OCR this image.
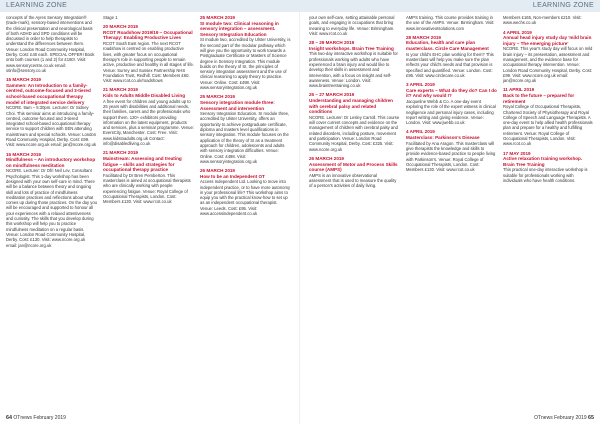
LEARNING ZONE	LEARNING ZONE

concepts of the Ayres Sensory Integration® (trade-mark), sensory-based interventions and the clinical presentation and neurological basis of both ADHD and SPD conditions will be discussed in order to help therapists to understand the differences between them. Venue: London Road Community Hospital, Derby. Cost: £40 each. SPECIAL OFFER! Book onto both courses (1 and 2) for £180!. Visit: www.sensorycentre.co.uk email: otinfo@sensory.co.uk

15 MARCH 2019
Sammen: An Introduction to a family-centred, outcome-focused and 3-tiered school-based occupational therapy model of integrated service delivery

NCORE. 9am – 5:30pm. Lecturer: Dr Sidney Choi. This seminar aims at introducing a family-centred, outcome-focused and 3-tiered integrated school-based occupational therapy service to support children with SEN attending mainstream and special schools. Venue: London Road Community Hospital, Derby. Cost: £99. Visit: www.ncore.org.uk email: jan@ncore.org.uk

15 MARCH 2019
Mindfulness – An introductory workshop on mindfulness meditation

NCORE. Lecturer: Dr Ofri Neil Lev, Consultant Psychologist. This 1-day workshop has been designed with your own self-care in mind. There will be a balance between theory and ongoing skill and lots of practice of mindfulness meditation practices and reflections about what comes up during those practices. On the day you will be encouraged and supported to honour all your experiences with a relaxed attentiveness and curiosity. The skills that you develop during this workshop will help you to practice mindfulness meditation on a regular basis. Venue: London Road Community Hospital, Derby. Cost: £130. Visit: www.ncore.org.uk email: jan@ncore.org.uk

Stage 1

20 MARCH 2019
RCOT Roadshow 2019/19 – Occupational Therapy: Enabling Productive Lives

RCOT South East region. The next RCOT roadshow is centred on enabling productive lives, with greater focus on occupational therapy's role in supporting people to remain active, productive and healthy in all stages of life. Venue: Surrey and Sussex Partnership NHS Foundation Trust, Redhill. Cost: Members £60. Visit: www.rcot.co.uk/roadshows

21 MARCH 2019
Kids to Adults Middle Disabled Living

A free event for children and young adults up to 25 years with disabilities and additional needs, their families, carers and the professionals who support them. 120+ exhibitors providing information on the latest equipment, products and services, plus a seminar programme. Venue: EventCity, Manchester. Cost: Free. Visit: www.kidstoadults.org.uk Contact: info@disabledliving.co.uk

21 MARCH 2019
Mainstream: Assessing and treating fatigue – skills and strategies for occupational therapy practice

Facilitated by Dr Bren Pemberton. This masterclass is aimed at occupational therapists who are clinically working with people experiencing fatigue. Venue: Royal College of Occupational Therapists, London. Cost: Members £130. Visit: www.rcot.co.uk

25 MARCH 2019
SI module two: Clinical reasoning in sensory integration – assessment. Sensory Integration Education

SI module two, accredited by Ulster University, is the second part of the modular pathway which will give you the opportunity to work towards a Postgraduate Certificate or Masters of Science degree in Sensory Integration. This module builds on the theory of SI, the principles of sensory integration assessment and the use of clinical reasoning to apply theory to practice. Venue: Online. Cost: £498. Visit: www.sensoryintegration.org.uk

25 MARCH 2019
Sensory integration module three: Assessment and intervention

Sensory Integration Education. SI module three, accredited by Ulster University, offers an opportunity to achieve postgraduate certificate, diploma and masters level qualifications in sensory integration. This module focuses on the application of the theory of SI as a treatment approach for children, adolescents and adults with sensory integration difficulties. Venue: Online. Cost: £498. Visit: www.sensoryintegration.org.uk

26 MARCH 2019
How to be an Independent OT

Access Independent Ltd. Looking to move into independent practice, or to have more autonomy in your professional life? This workshop aims to equip you with the practical know-how to set up as an independent occupational therapist. Venue: Leeds. Cost: £95. Visit: www.accessindependent.co.uk

your own self-care, setting attainable personal goals, and engaging in occupations that bring meaning to everyday life. Venue: Birmingham. Visit: www.rcot.co.uk

28 – 29 MARCH 2019
Insight workshops. Brain Tree Training

This two-day interactive workshop is suitable for professionals working with adults who have experienced a brain injury and would like to develop their skills in assessment and intervention, with a focus on insight and self-awareness. Venue: London. Visit: www.braintreetraining.co.uk

25 – 27 MARCH 2019
Understanding and managing children with cerebral palsy and related conditions

NCORE. Lecturer: Dr Lesley Carroll. This course will cover current concepts and evidence on the management of children with cerebral palsy and related disorders, including posture, movement and participation. Venue: London Road Community Hospital, Derby. Cost: £325. Visit: www.ncore.org.uk

26 MARCH 2019
Assessment of Motor and Process Skills course (AMPS)

AMPS is an innovative observational assessment that is used to measure the quality of a person's activities of daily living.

AMPS training. This course provides training in the use of the AMPS. Venue: Birmingham. Visit: www.innovativeotsolutions.com

28 MARCH 2019
Education, health and care plan masterclass. Circle Care Management

Is your child's EHC plan working for them? This masterclass will help you make sure the plan reflects your child's needs and that provision is specified and quantified. Venue: London. Cost: £95. Visit: www.circlecare.co.uk

3 APRIL 2019
Care experts – What do they do? Can I do it? And why would I?

Jacqueline Webb & Co. A one-day event exploring the role of the expert witness in clinical negligence and personal injury cases, including report writing and giving evidence. Venue: London. Visit: www.jwebb.co.uk

4 APRIL 2019
Masterclass: Parkinson's Disease

Facilitated by Ana Aragon. This masterclass will give therapists the knowledge and skills to provide evidence-based practice to people living with Parkinson's. Venue: Royal College of Occupational Therapists, London. Cost: Members £130. Visit: www.rcot.co.uk

Members £165, Non-members £210. Visit: www.wechs.co.uk

4 APRIL 2019
Annual head injury study day 'mild brain injury – The emerging picture'

NCORE. This year's study day will focus on mild brain injury – its presentation, assessment and management, and the evidence base for occupational therapy intervention. Venue: London Road Community Hospital, Derby. Cost: £99. Visit: www.ncore.org.uk email: jan@ncore.org.uk

11 APRIL 2019
Back to the future – prepared for retirement

Royal College of Occupational Therapists, Chartered Society of Physiotherapy and Royal College of Speech and Language Therapists. A one-day event to help allied health professionals plan and prepare for a healthy and fulfilling retirement. Venue: Royal College of Occupational Therapists, London. Visit: www.rcot.co.uk

17 MAY 2019
Active relaxation training workshop. Brain Tree Training

This practical one-day interactive workshop is suitable for professionals working with individuals who have health conditions.

64 OTnews February 2019	OTnews February 2019 65
